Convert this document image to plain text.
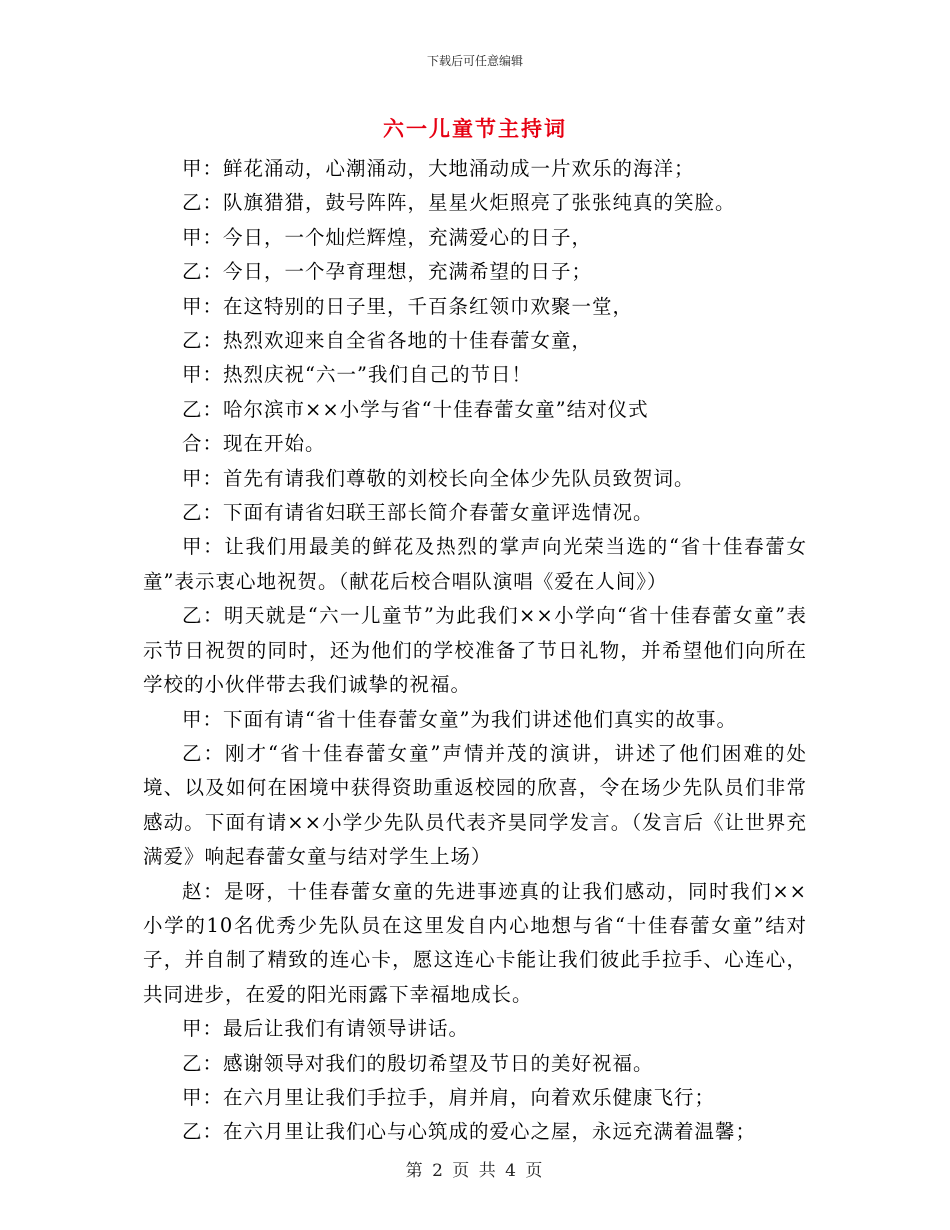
下载后可任意编辑
六一儿童节主持词

甲：鲜花涌动，心潮涌动，大地涌动成一片欢乐的海洋；

乙：队旗猎猎，鼓号阵阵，星星火炬照亮了张张纯真的笑脸。

甲：今日，一个灿烂辉煌，充满爱心的日子，

乙：今日，一个孕育理想，充满希望的日子；

甲：在这特别的日子里，千百条红领巾欢聚一堂，

乙：热烈欢迎来自全省各地的十佳春蕾女童，

甲：热烈庆祝“六一”我们自己的节日！

乙：哈尔滨市××小学与省“十佳春蕾女童”结对仪式

合：现在开始。

甲：首先有请我们尊敬的刘校长向全体少先队员致贺词。

乙：下面有请省妇联王部长简介春蕾女童评选情况。

甲：让我们用最美的鲜花及热烈的掌声向光荣当选的“省十佳春蕾女童”表示衷心地祝贺。（献花后校合唱队演唱《爱在人间》）

乙：明天就是“六一儿童节”为此我们××小学向“省十佳春蕾女童”表示节日祝贺的同时，还为他们的学校准备了节日礼物，并希望他们向所在学校的小伙伴带去我们诚挚的祝福。

甲：下面有请“省十佳春蕾女童”为我们讲述他们真实的故事。

乙：刚才“省十佳春蕾女童”声情并茂的演讲，讲述了他们困难的处境、以及如何在困境中获得资助重返校园的欣喜，令在场少先队员们非常感动。下面有请××小学少先队员代表齐昊同学发言。（发言后《让世界充满爱》响起春蕾女童与结对学生上场）

赵：是呀，十佳春蕾女童的先进事迹真的让我们感动，同时我们××小学的10名优秀少先队员在这里发自内心地想与省“十佳春蕾女童”结对子，并自制了精致的连心卡，愿这连心卡能让我们彼此手拉手、心连心，共同进步，在爱的阳光雨露下幸福地成长。

甲：最后让我们有请领导讲话。

乙：感谢领导对我们的殷切希望及节日的美好祝福。

甲：在六月里让我们手拉手，肩并肩，向着欢乐健康飞行；

乙：在六月里让我们心与心筑成的爱心之屋，永远充满着温馨；

第 2 页 共 4 页
